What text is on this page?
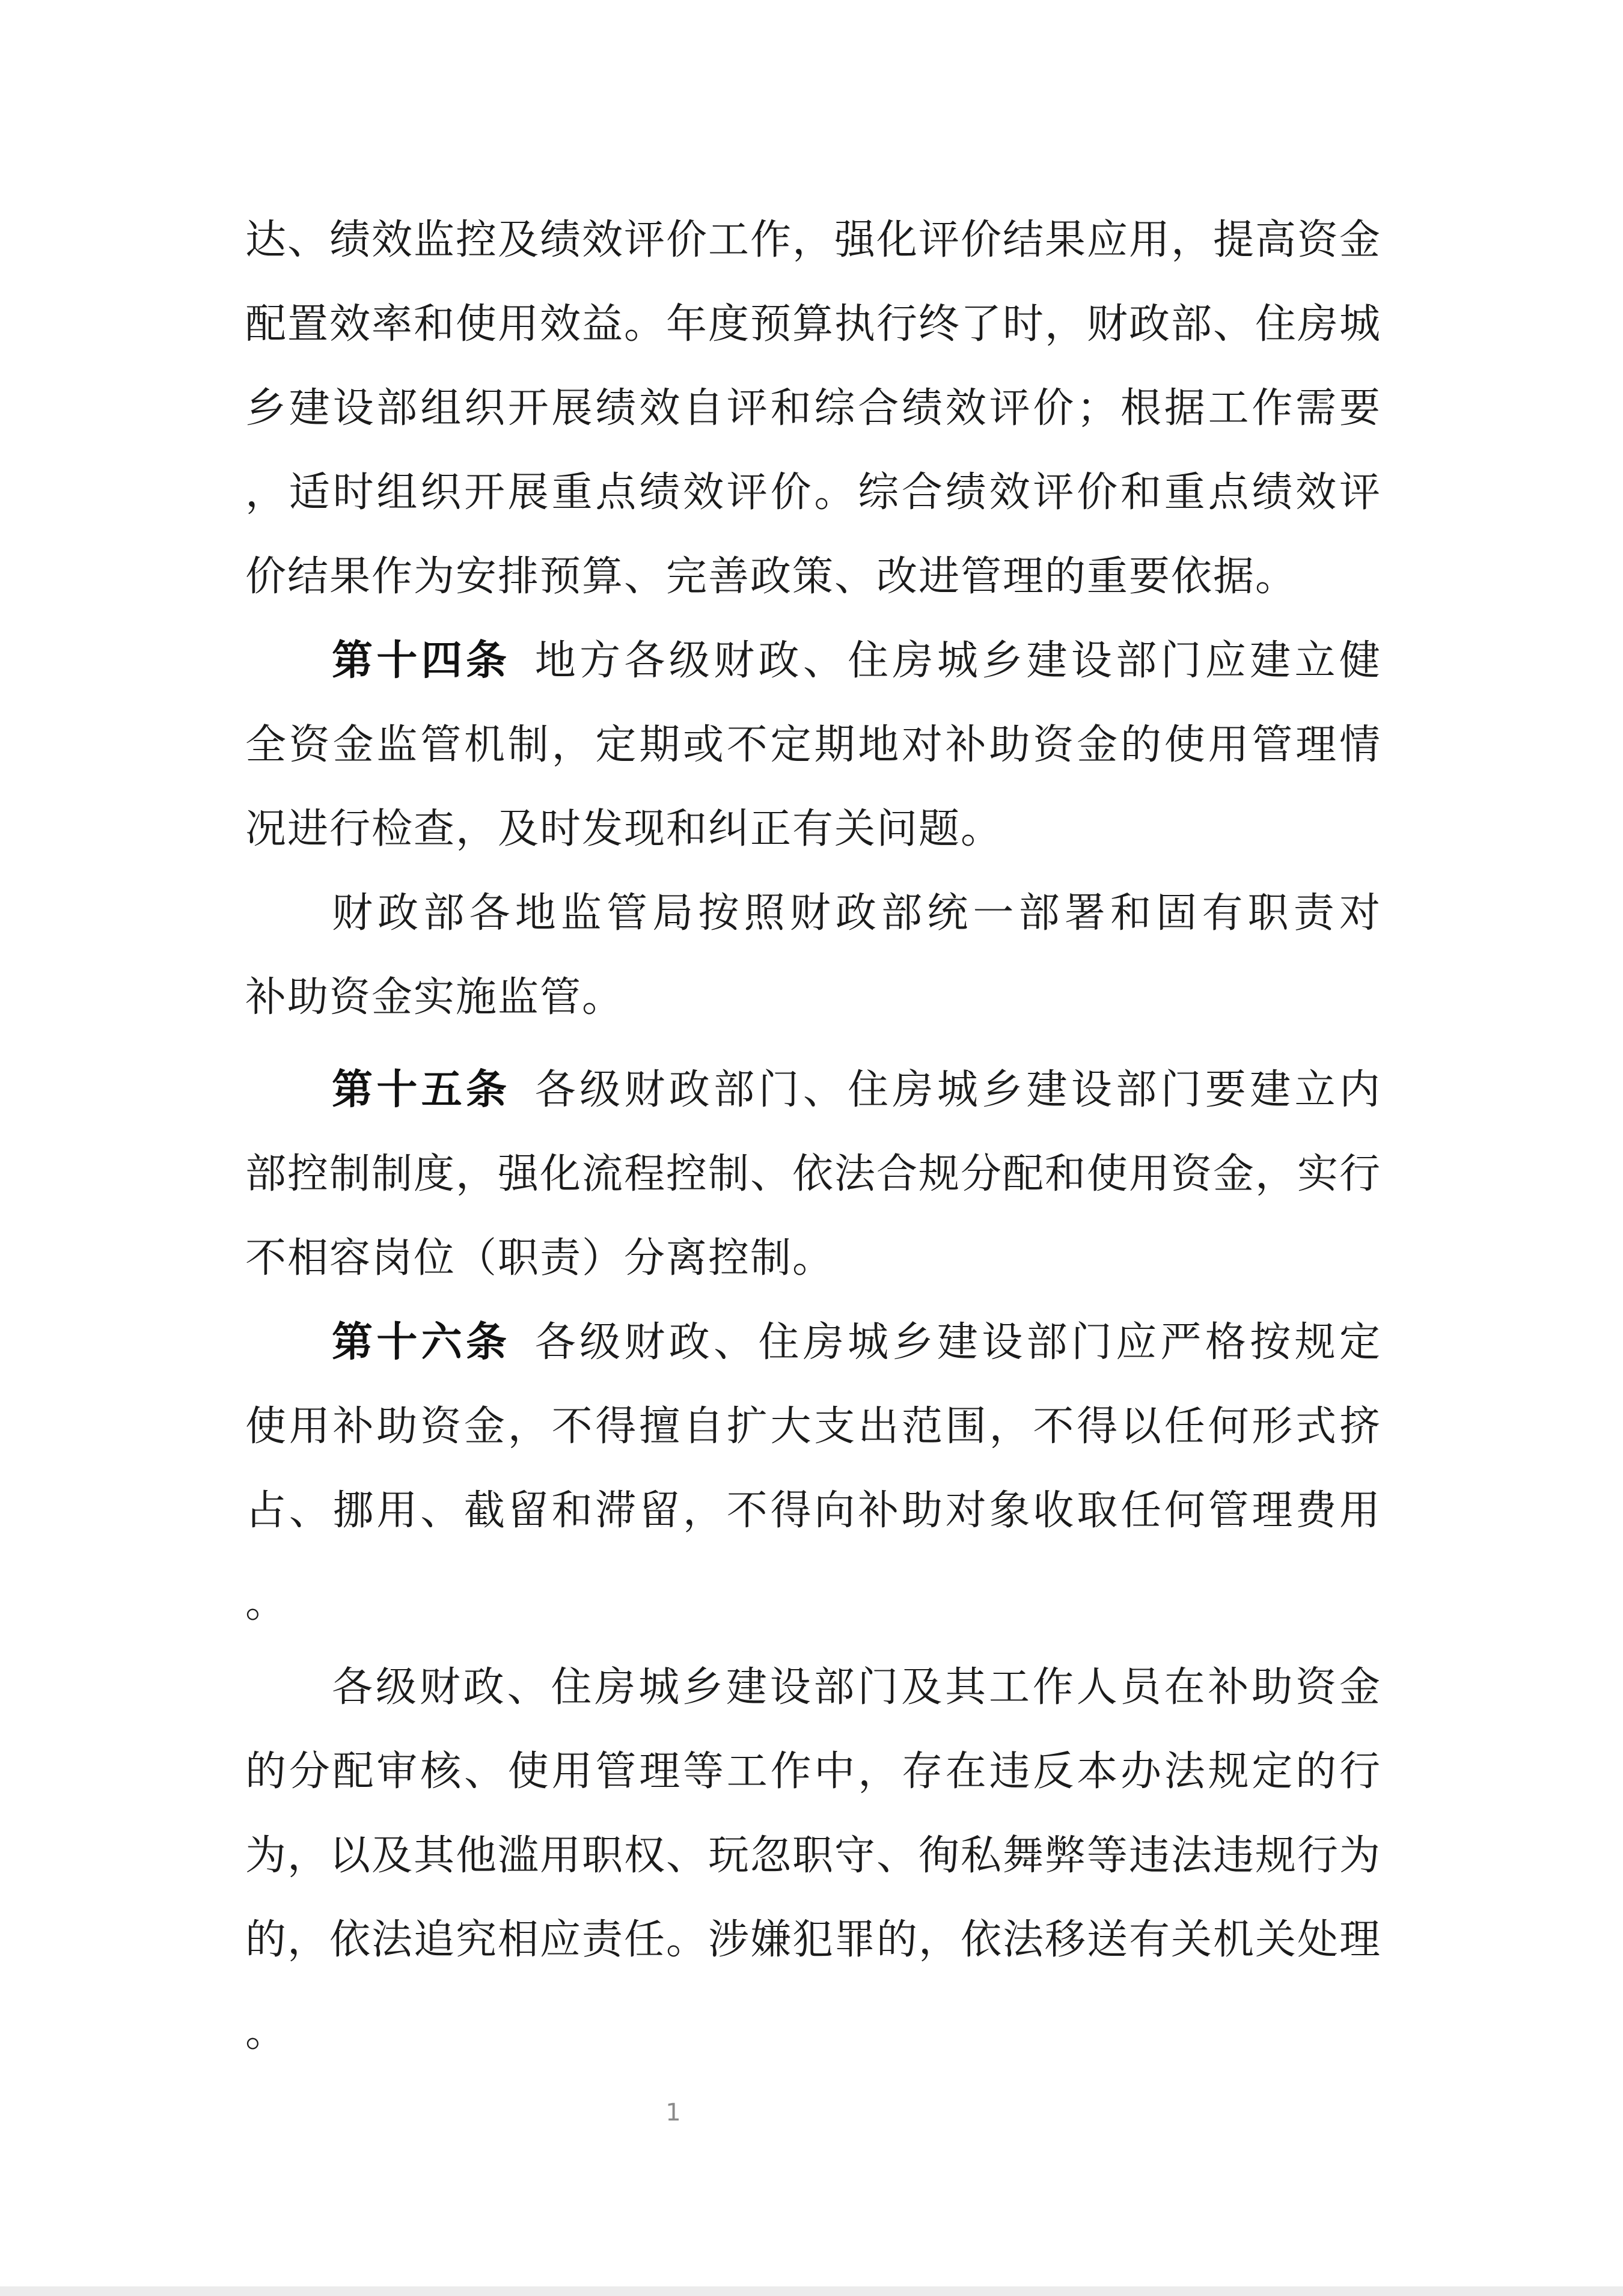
达、绩效监控及绩效评价工作，强化评价结果应用，提高资金
配置效率和使用效益。年度预算执行终了时，财政部、住房城
乡建设部组织开展绩效自评和综合绩效评价；根据工作需要
，适时组织开展重点绩效评价。综合绩效评价和重点绩效评
价结果作为安排预算、完善政策、改进管理的重要依据。
第十四条 地方各级财政、住房城乡建设部门应建立健
全资金监管机制，定期或不定期地对补助资金的使用管理情
况进行检查，及时发现和纠正有关问题。
财政部各地监管局按照财政部统一部署和固有职责对
补助资金实施监管。
第十五条 各级财政部门、住房城乡建设部门要建立内
部控制制度，强化流程控制、依法合规分配和使用资金，实行
不相容岗位（职责）分离控制。
第十六条 各级财政、住房城乡建设部门应严格按规定
使用补助资金，不得擅自扩大支出范围，不得以任何形式挤
占、挪用、截留和滞留，不得向补助对象收取任何管理费用
。
各级财政、住房城乡建设部门及其工作人员在补助资金
的分配审核、使用管理等工作中，存在违反本办法规定的行
为，以及其他滥用职权、玩忽职守、徇私舞弊等违法违规行为
的，依法追究相应责任。涉嫌犯罪的，依法移送有关机关处理
。
1
